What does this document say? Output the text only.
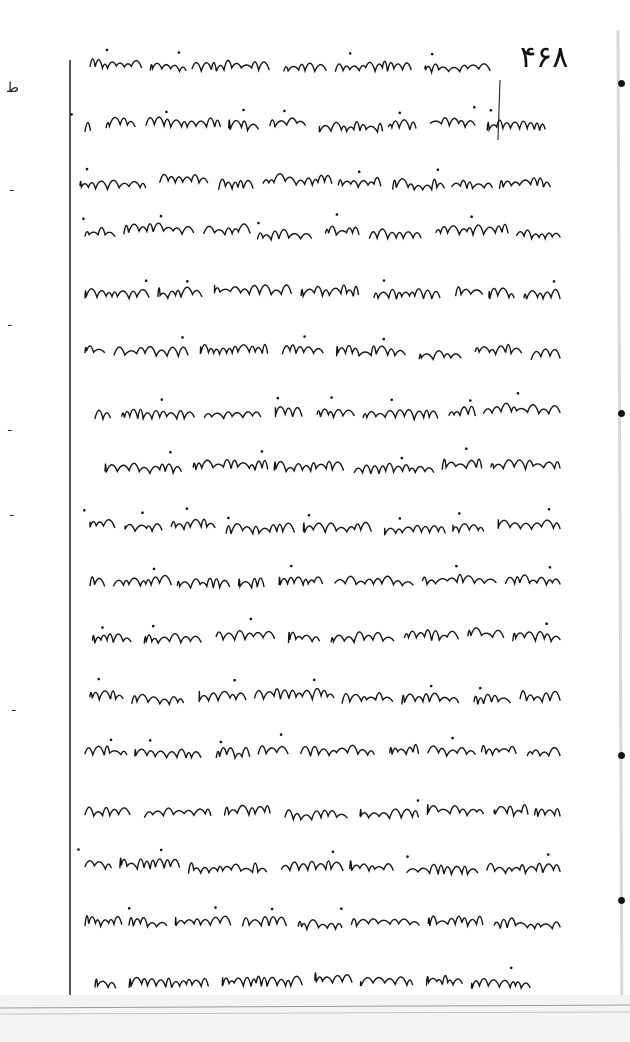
۴۶۸
ط
ـ
ـ
ـ
ـ
ـ
